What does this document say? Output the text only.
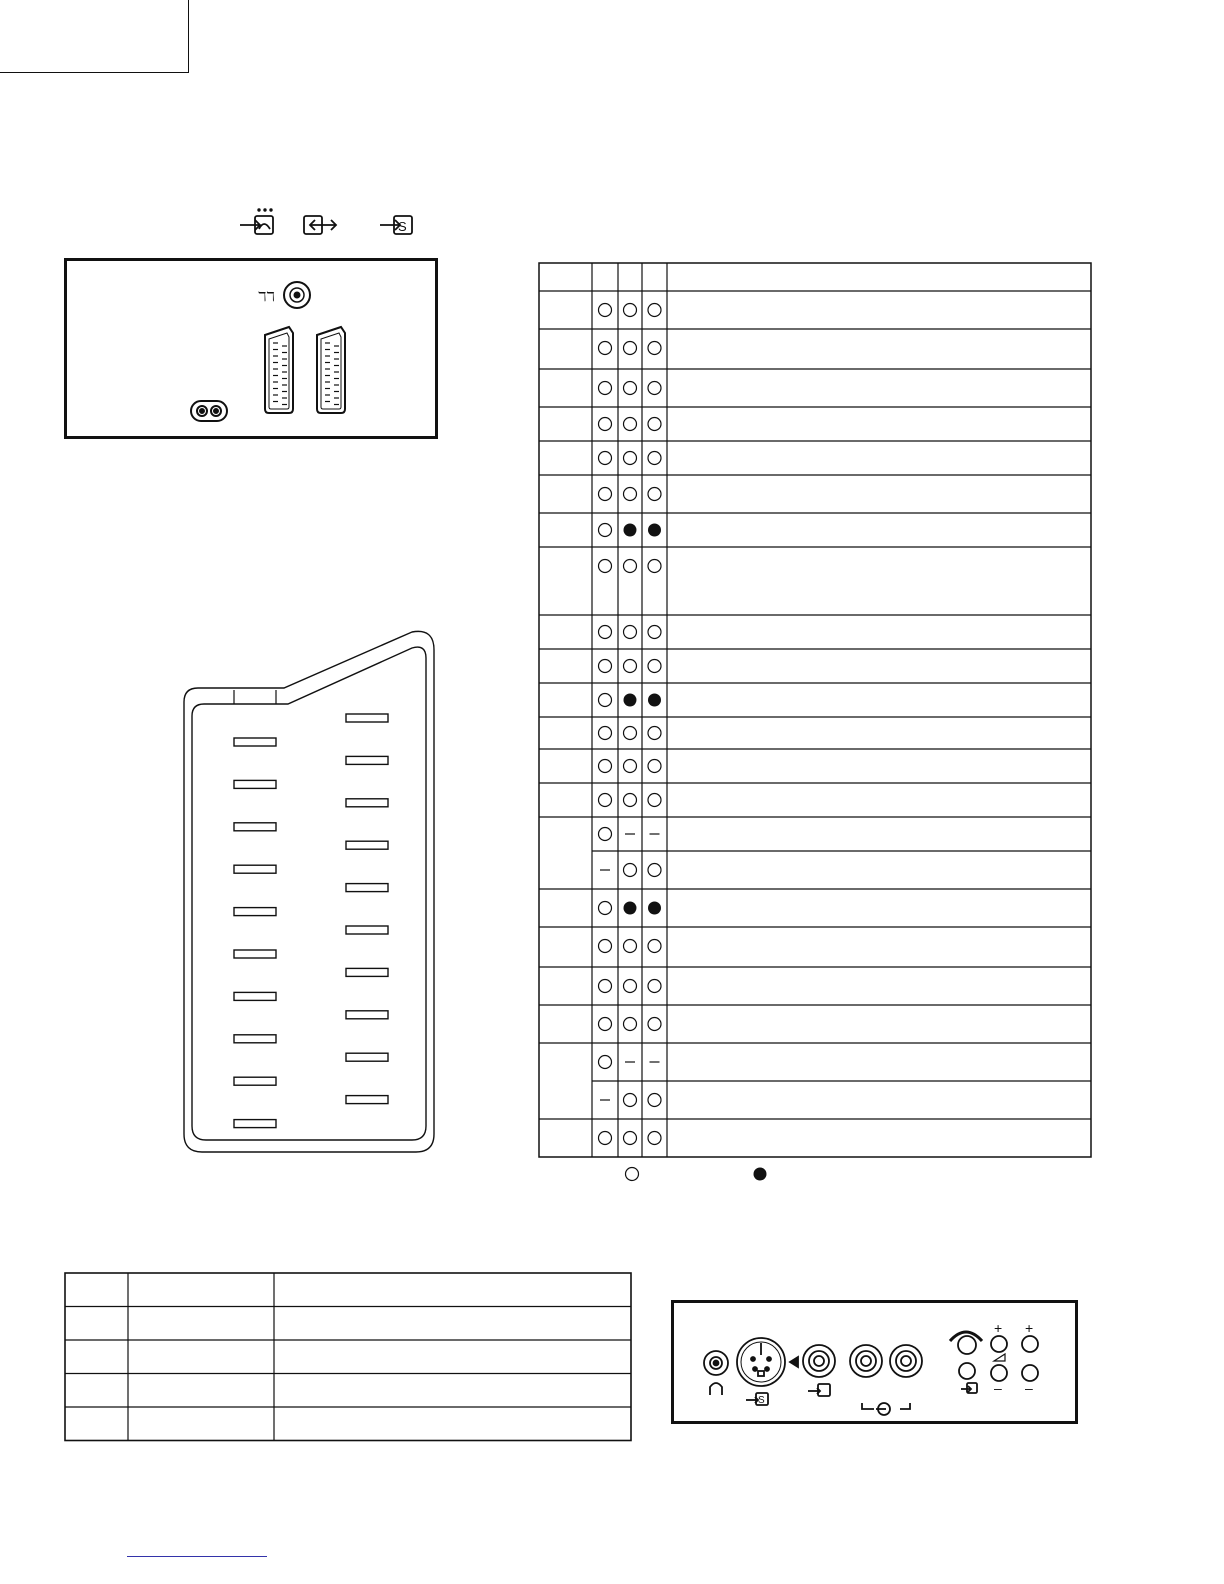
S
ℸℸ
S
+
–
+
–
